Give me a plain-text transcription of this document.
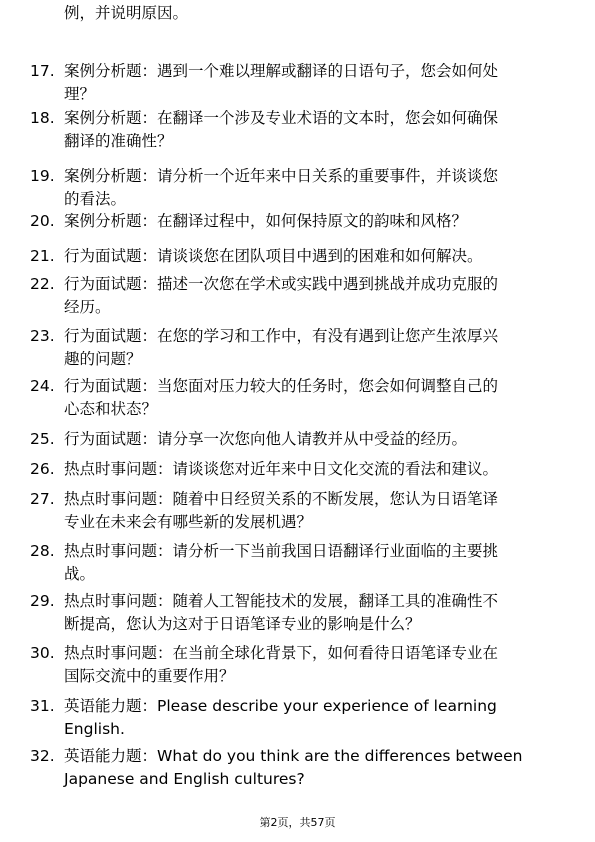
例，并说明原因。
17. 案例分析题：遇到一个难以理解或翻译的日语句子，您会如何处
理？
18. 案例分析题：在翻译一个涉及专业术语的文本时，您会如何确保
翻译的准确性？
19. 案例分析题：请分析一个近年来中日关系的重要事件，并谈谈您
的看法。
20. 案例分析题：在翻译过程中，如何保持原文的韵味和风格？
21. 行为面试题：请谈谈您在团队项目中遇到的困难和如何解决。
22. 行为面试题：描述一次您在学术或实践中遇到挑战并成功克服的
经历。
23. 行为面试题：在您的学习和工作中，有没有遇到让您产生浓厚兴
趣的问题？
24. 行为面试题：当您面对压力较大的任务时，您会如何调整自己的
心态和状态？
25. 行为面试题：请分享一次您向他人请教并从中受益的经历。
26. 热点时事问题：请谈谈您对近年来中日文化交流的看法和建议。
27. 热点时事问题：随着中日经贸关系的不断发展，您认为日语笔译
专业在未来会有哪些新的发展机遇？
28. 热点时事问题：请分析一下当前我国日语翻译行业面临的主要挑
战。
29. 热点时事问题：随着人工智能技术的发展，翻译工具的准确性不
断提高，您认为这对于日语笔译专业的影响是什么？
30. 热点时事问题：在当前全球化背景下，如何看待日语笔译专业在
国际交流中的重要作用？
31. 英语能力题：Please describe your experience of learning
English.
32. 英语能力题：What do you think are the differences between
Japanese and English cultures?
第2页，共57页
